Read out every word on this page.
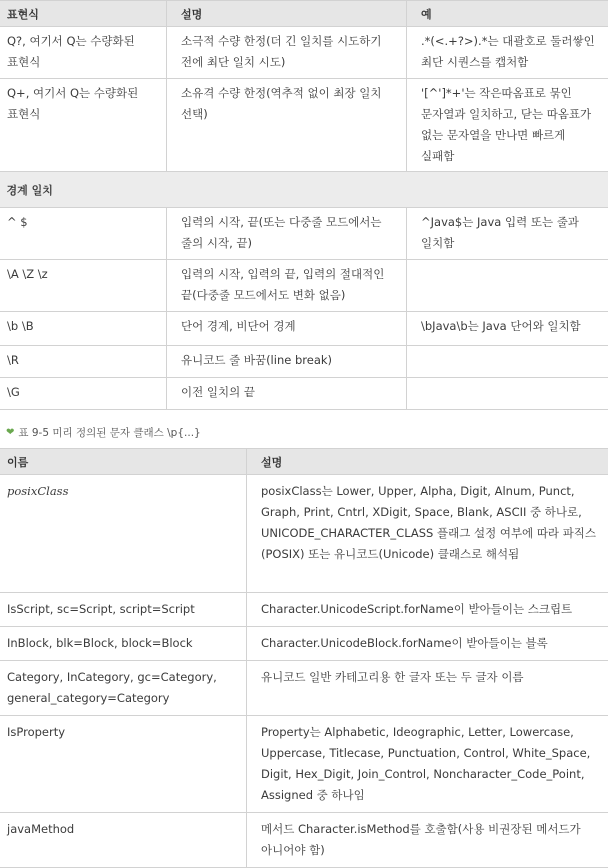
표현식	설명	예
Q?, 여기서 Q는 수량화된 표현식	소극적 수량 한정(더 긴 일치를 시도하기 전에 최단 일치 시도)	.*(<.+?>).*는 대괄호로 둘러쌓인 최단 시퀀스를 캡처함
Q+, 여기서 Q는 수량화된 표현식	소유격 수량 한정(역추적 없이 최장 일치 선택)	'[^']*+'는 작은따옴표로 묶인 문자열과 일치하고, 닫는 따옴표가 없는 문자열을 만나면 빠르게 실패함
경계 일치		
^ $	입력의 시작, 끝(또는 다중줄 모드에서는 줄의 시작, 끝)	^Java$는 Java 입력 또는 줄과 일치함
\A \Z \z	입력의 시작, 입력의 끝, 입력의 절대적인 끝(다중줄 모드에서도 변화 없음)	
\b \B	단어 경계, 비단어 경계	\bJava\b는 Java 단어와 일치함
\R	유니코드 줄 바꿈(line break)	
\G	이전 일치의 끝	
❤ 표 9-5 미리 정의된 문자 클래스 \p{...}
이름	설명
posixClass	posixClass는 Lower, Upper, Alpha, Digit, Alnum, Punct, Graph, Print, Cntrl, XDigit, Space, Blank, ASCII 중 하나로, UNICODE_CHARACTER_CLASS 플래그 설정 여부에 따라 파직스(POSIX) 또는 유니코드(Unicode) 클래스로 해석됨
IsScript, sc=Script, script=Script	Character.UnicodeScript.forName이 받아들이는 스크립트
InBlock, blk=Block, block=Block	Character.UnicodeBlock.forName이 받아들이는 블록
Category, InCategory, gc=Category, general_category=Category	유니코드 일반 카테고리용 한 글자 또는 두 글자 이름
IsProperty	Property는 Alphabetic, Ideographic, Letter, Lowercase, Uppercase, Titlecase, Punctuation, Control, White_Space, Digit, Hex_Digit, Join_Control, Noncharacter_Code_Point, Assigned 중 하나임
javaMethod	메서드 Character.isMethod를 호출함(사용 비권장된 메서드가 아니어야 함)
